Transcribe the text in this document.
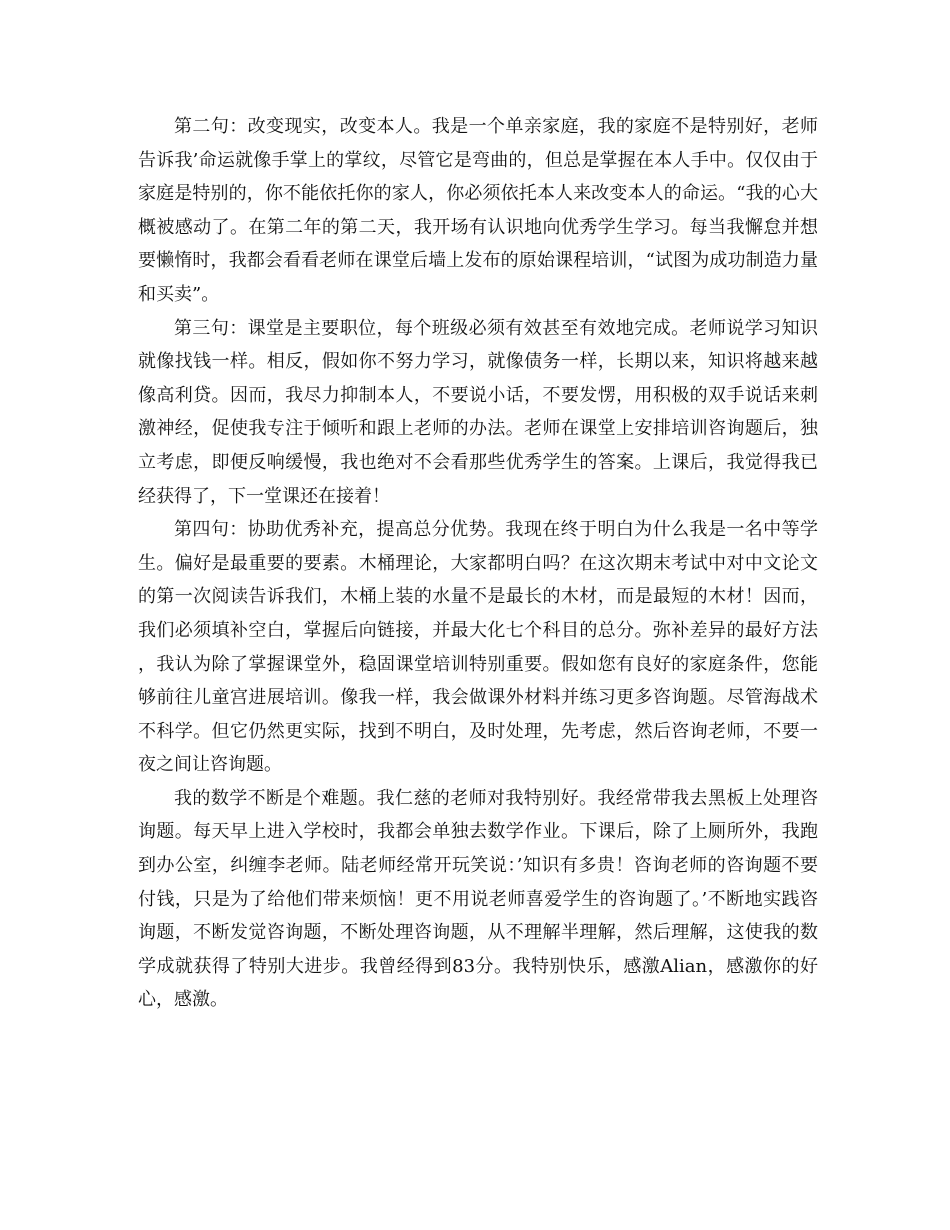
第二句：改变现实，改变本人。我是一个单亲家庭，我的家庭不是特别好，老师告诉我’命运就像手掌上的掌纹，尽管它是弯曲的，但总是掌握在本人手中。仅仅由于家庭是特别的，你不能依托你的家人，你必须依托本人来改变本人的命运。“我的心大概被感动了。在第二年的第二天，我开场有认识地向优秀学生学习。每当我懈怠并想要懒惰时，我都会看看老师在课堂后墙上发布的原始课程培训，“试图为成功制造力量和买卖”。

第三句：课堂是主要职位，每个班级必须有效甚至有效地完成。老师说学习知识就像找钱一样。相反，假如你不努力学习，就像债务一样，长期以来，知识将越来越像高利贷。因而，我尽力抑制本人，不要说小话，不要发愣，用积极的双手说话来刺激神经，促使我专注于倾听和跟上老师的办法。老师在课堂上安排培训咨询题后，独立考虑，即便反响缓慢，我也绝对不会看那些优秀学生的答案。上课后，我觉得我已经获得了，下一堂课还在接着！

第四句：协助优秀补充，提高总分优势。我现在终于明白为什么我是一名中等学生。偏好是最重要的要素。木桶理论，大家都明白吗？在这次期末考试中对中文论文的第一次阅读告诉我们，木桶上装的水量不是最长的木材，而是最短的木材！因而，我们必须填补空白，掌握后向链接，并最大化七个科目的总分。弥补差异的最好方法，我认为除了掌握课堂外，稳固课堂培训特别重要。假如您有良好的家庭条件，您能够前往儿童宫进展培训。像我一样，我会做课外材料并练习更多咨询题。尽管海战术不科学。但它仍然更实际，找到不明白，及时处理，先考虑，然后咨询老师，不要一夜之间让咨询题。

我的数学不断是个难题。我仁慈的老师对我特别好。我经常带我去黑板上处理咨询题。每天早上进入学校时，我都会单独去数学作业。下课后，除了上厕所外，我跑到办公室，纠缠李老师。陆老师经常开玩笑说：’知识有多贵！咨询老师的咨询题不要付钱，只是为了给他们带来烦恼！更不用说老师喜爱学生的咨询题了。’不断地实践咨询题，不断发觉咨询题，不断处理咨询题，从不理解半理解，然后理解，这使我的数学成就获得了特别大进步。我曾经得到83分。我特别快乐，感激Alian，感激你的好心，感激。
